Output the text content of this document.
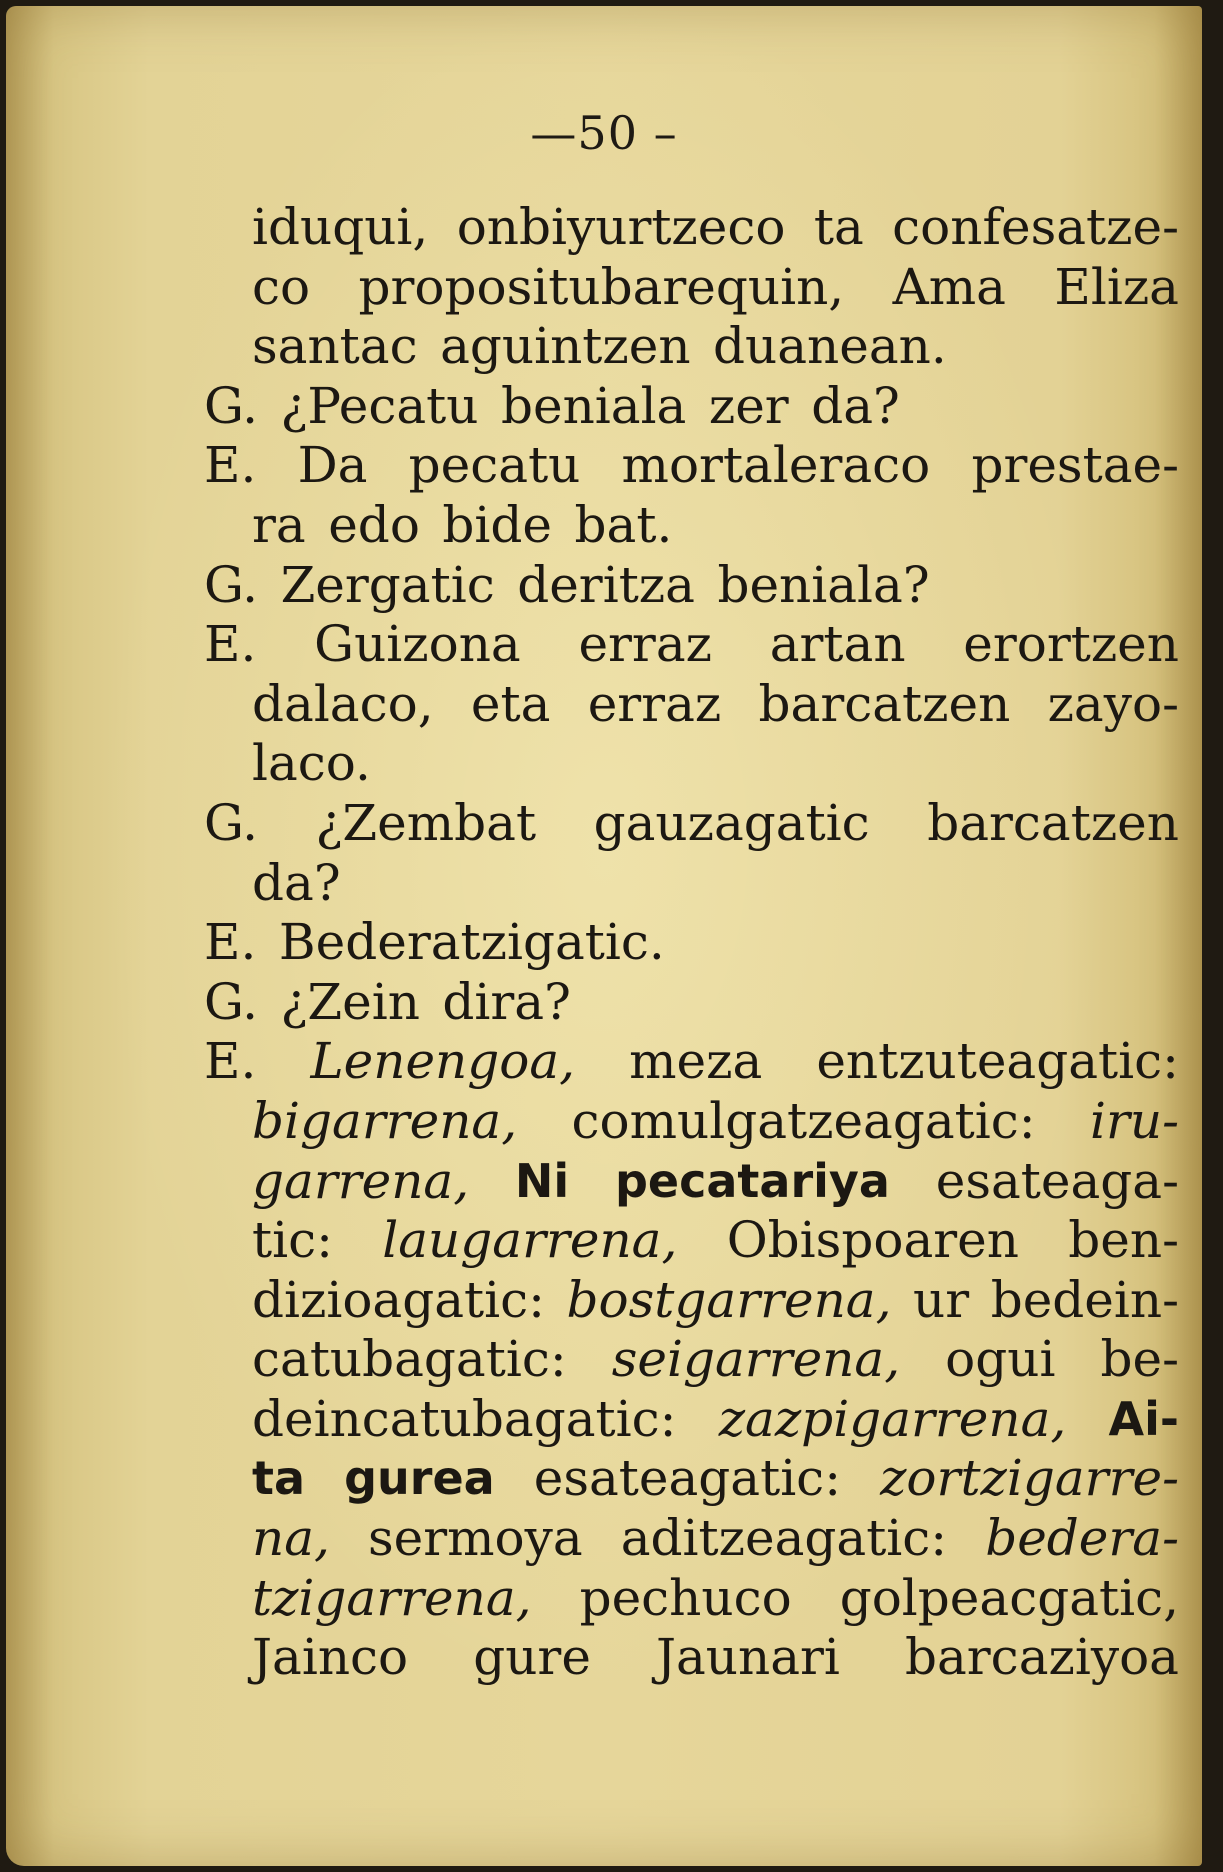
—50 –
iduqui, onbiyurtzeco ta confesatze-
co propositubarequin, Ama Eliza
santac aguintzen duanean.
G. ¿Pecatu beniala zer da?
E. Da pecatu mortaleraco prestae-
ra edo bide bat.
G. Zergatic deritza beniala?
E. Guizona erraz artan erortzen
dalaco, eta erraz barcatzen zayo-
laco.
G. ¿Zembat gauzagatic barcatzen
da?
E. Bederatzigatic.
G. ¿Zein dira?
E. Lenengoa, meza entzuteagatic:
bigarrena, comulgatzeagatic: iru-
garrena, Ni pecatariya esateaga-
tic: laugarrena, Obispoaren ben-
dizioagatic: bostgarrena, ur bedein-
catubagatic: seigarrena, ogui be-
deincatubagatic: zazpigarrena, Ai-
ta gurea esateagatic: zortzigarre-
na, sermoya aditzeagatic: bedera-
tzigarrena, pechuco golpeacgatic,
Jainco gure Jaunari barcaziyoa
